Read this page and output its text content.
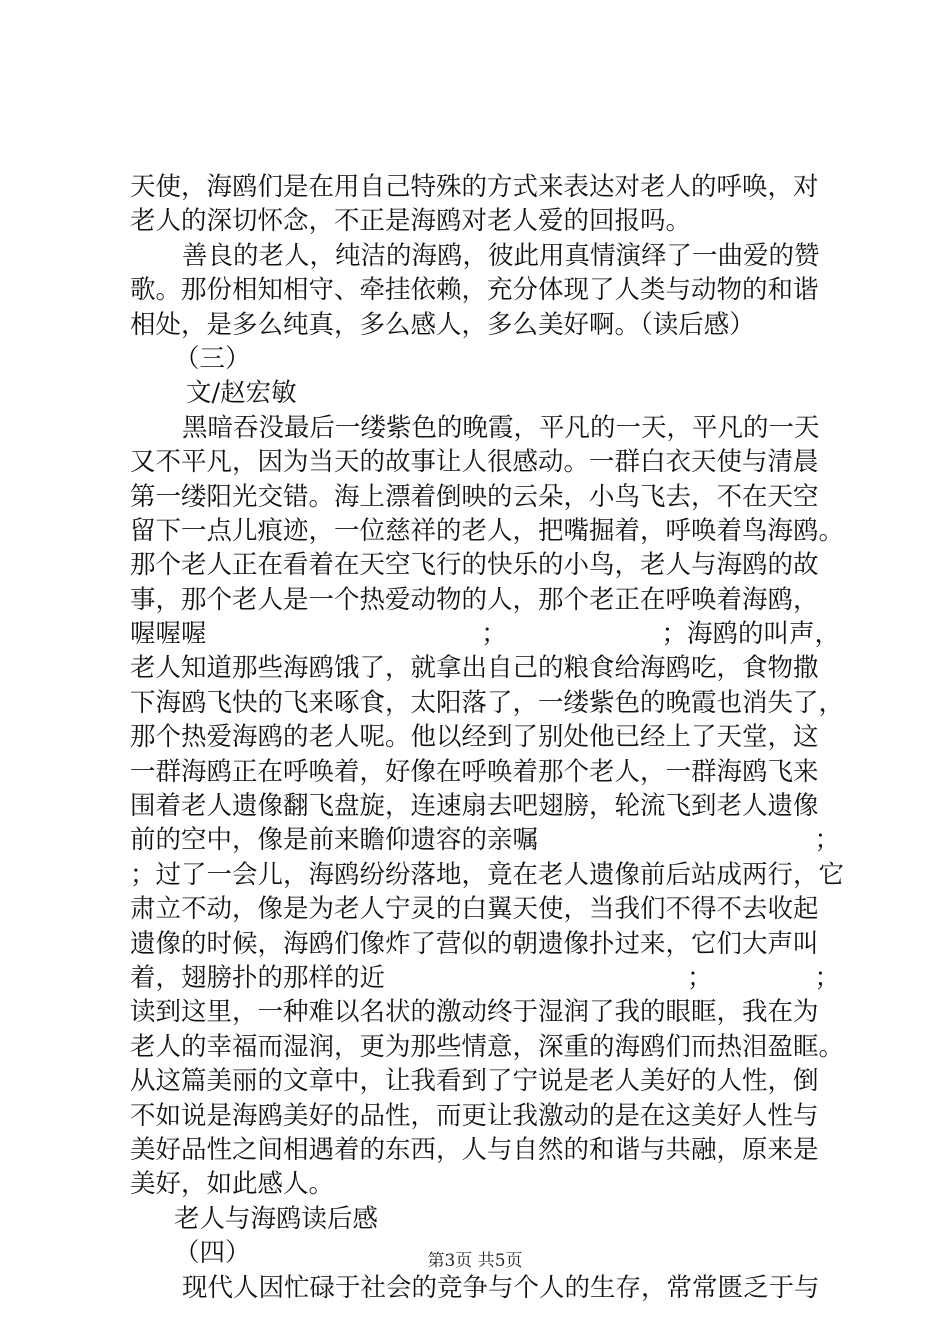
天使，海鸥们是在用自己特殊的方式来表达对老人的呼唤，对
老人的深切怀念，不正是海鸥对老人爱的回报吗。
善良的老人，纯洁的海鸥，彼此用真情演绎了一曲爱的赞
歌。那份相知相守、牵挂依赖，充分体现了人类与动物的和谐
相处，是多么纯真，多么感人，多么美好啊。（读后感）
（三）
文/赵宏敏
黑暗吞没最后一缕紫色的晚霞，平凡的一天，平凡的一天
又不平凡，因为当天的故事让人很感动。一群白衣天使与清晨
第一缕阳光交错。海上漂着倒映的云朵，小鸟飞去，不在天空
留下一点儿痕迹，一位慈祥的老人，把嘴掘着，呼唤着鸟海鸥。
那个老人正在看着在天空飞行的快乐的小鸟，老人与海鸥的故
事，那个老人是一个热爱动物的人，那个老正在呼唤着海鸥，
喔喔喔	；	；海鸥的叫声，
老人知道那些海鸥饿了，就拿出自己的粮食给海鸥吃，食物撒
下海鸥飞快的飞来啄食，太阳落了，一缕紫色的晚霞也消失了，
那个热爱海鸥的老人呢。他以经到了别处他已经上了天堂，这
一群海鸥正在呼唤着，好像在呼唤着那个老人，一群海鸥飞来
围着老人遗像翻飞盘旋，连速扇去吧翅膀，轮流飞到老人遗像
前的空中，像是前来瞻仰遗容的亲嘱	；
；过了一会儿，海鸥纷纷落地，竟在老人遗像前后站成两行，它
肃立不动，像是为老人宁灵的白翼天使，当我们不得不去收起
遗像的时候，海鸥们像炸了营似的朝遗像扑过来，它们大声叫
着，翅膀扑的那样的近	；	；
读到这里，一种难以名状的激动终于湿润了我的眼眶，我在为
老人的幸福而湿润，更为那些情意，深重的海鸥们而热泪盈眶。
从这篇美丽的文章中，让我看到了宁说是老人美好的人性，倒
不如说是海鸥美好的品性，而更让我激动的是在这美好人性与
美好品性之间相遇着的东西，人与自然的和谐与共融，原来是
美好，如此感人。
老人与海鸥读后感
（四）
现代人因忙碌于社会的竞争与个人的生存，常常匮乏于与
第3页 共5页
